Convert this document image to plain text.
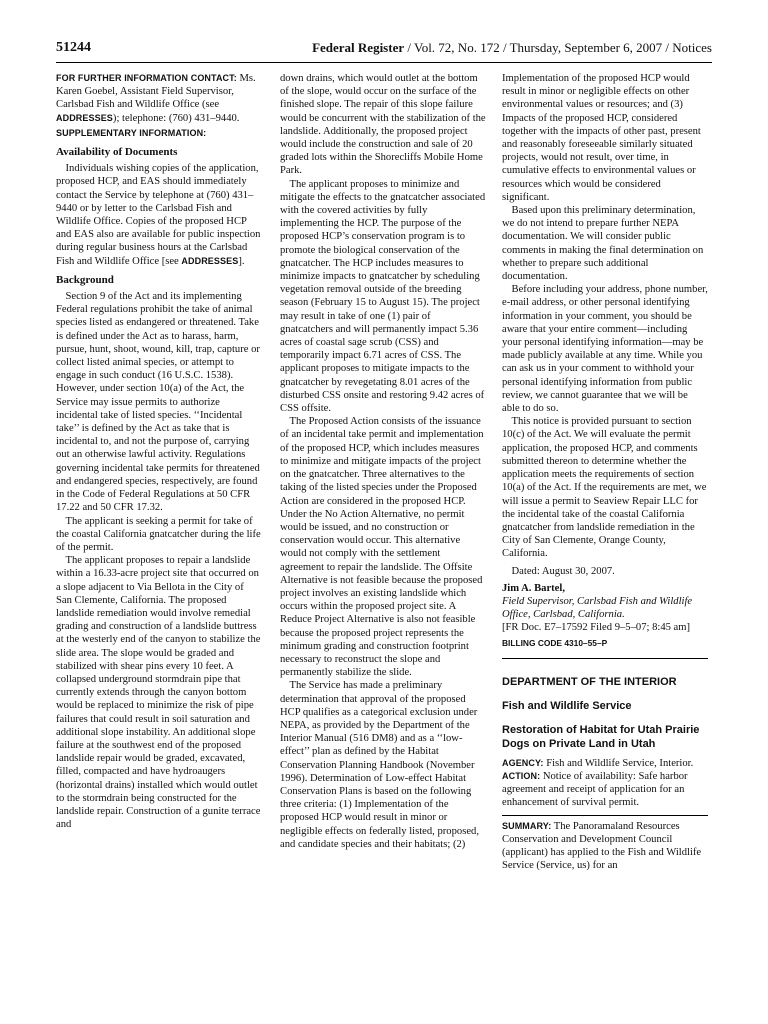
51244	Federal Register / Vol. 72, No. 172 / Thursday, September 6, 2007 / Notices

FOR FURTHER INFORMATION CONTACT: Ms. Karen Goebel, Assistant Field Supervisor, Carlsbad Fish and Wildlife Office (see ADDRESSES); telephone: (760) 431–9440.

SUPPLEMENTARY INFORMATION:

Availability of Documents

Individuals wishing copies of the application, proposed HCP, and EAS should immediately contact the Service by telephone at (760) 431–9440 or by letter to the Carlsbad Fish and Wildlife Office. Copies of the proposed HCP and EAS also are available for public inspection during regular business hours at the Carlsbad Fish and Wildlife Office [see ADDRESSES].

Background

Section 9 of the Act and its implementing Federal regulations prohibit the take of animal species listed as endangered or threatened. Take is defined under the Act as to harass, harm, pursue, hunt, shoot, wound, kill, trap, capture or collect listed animal species, or attempt to engage in such conduct (16 U.S.C. 1538). However, under section 10(a) of the Act, the Service may issue permits to authorize incidental take of listed species. ‘‘Incidental take’’ is defined by the Act as take that is incidental to, and not the purpose of, carrying out an otherwise lawful activity. Regulations governing incidental take permits for threatened and endangered species, respectively, are found in the Code of Federal Regulations at 50 CFR 17.22 and 50 CFR 17.32.

The applicant is seeking a permit for take of the coastal California gnatcatcher during the life of the permit.

The applicant proposes to repair a landslide within a 16.33-acre project site that occurred on a slope adjacent to Via Bellota in the City of San Clemente, California. The proposed landslide remediation would involve remedial grading and construction of a landslide buttress at the westerly end of the canyon to stabilize the slide area. The slope would be graded and stabilized with shear pins every 10 feet. A collapsed underground stormdrain pipe that currently extends through the canyon bottom would be replaced to minimize the risk of pipe failures that could result in soil saturation and additional slope instability. An additional slope failure at the southwest end of the proposed landslide repair would be graded, excavated, filled, compacted and have hydroaugers (horizontal drains) installed which would outlet to the stormdrain being constructed for the landslide repair. Construction of a gunite terrace and

down drains, which would outlet at the bottom of the slope, would occur on the surface of the finished slope. The repair of this slope failure would be concurrent with the stabilization of the landslide. Additionally, the proposed project would include the construction and sale of 20 graded lots within the Shorecliffs Mobile Home Park.

The applicant proposes to minimize and mitigate the effects to the gnatcatcher associated with the covered activities by fully implementing the HCP. The purpose of the proposed HCP’s conservation program is to promote the biological conservation of the gnatcatcher. The HCP includes measures to minimize impacts to gnatcatcher by scheduling vegetation removal outside of the breeding season (February 15 to August 15). The project may result in take of one (1) pair of gnatcatchers and will permanently impact 5.36 acres of coastal sage scrub (CSS) and temporarily impact 6.71 acres of CSS. The applicant proposes to mitigate impacts to the gnatcatcher by revegetating 8.01 acres of the disturbed CSS onsite and restoring 9.42 acres of CSS offsite.

The Proposed Action consists of the issuance of an incidental take permit and implementation of the proposed HCP, which includes measures to minimize and mitigate impacts of the project on the gnatcatcher. Three alternatives to the taking of the listed species under the Proposed Action are considered in the proposed HCP. Under the No Action Alternative, no permit would be issued, and no construction or conservation would occur. This alternative would not comply with the settlement agreement to repair the landslide. The Offsite Alternative is not feasible because the proposed project involves an existing landslide which occurs within the proposed project site. A Reduce Project Alternative is also not feasible because the proposed project represents the minimum grading and construction footprint necessary to reconstruct the slope and permanently stabilize the slide.

The Service has made a preliminary determination that approval of the proposed HCP qualifies as a categorical exclusion under NEPA, as provided by the Department of the Interior Manual (516 DM8) and as a ‘‘low-effect’’ plan as defined by the Habitat Conservation Planning Handbook (November 1996). Determination of Low-effect Habitat Conservation Plans is based on the following three criteria: (1) Implementation of the proposed HCP would result in minor or negligible effects on federally listed, proposed, and candidate species and their habitats; (2)

Implementation of the proposed HCP would result in minor or negligible effects on other environmental values or resources; and (3) Impacts of the proposed HCP, considered together with the impacts of other past, present and reasonably foreseeable similarly situated projects, would not result, over time, in cumulative effects to environmental values or resources which would be considered significant.

Based upon this preliminary determination, we do not intend to prepare further NEPA documentation. We will consider public comments in making the final determination on whether to prepare such additional documentation.

Before including your address, phone number, e-mail address, or other personal identifying information in your comment, you should be aware that your entire comment—including your personal identifying information—may be made publicly available at any time. While you can ask us in your comment to withhold your personal identifying information from public review, we cannot guarantee that we will be able to do so.

This notice is provided pursuant to section 10(c) of the Act. We will evaluate the permit application, the proposed HCP, and comments submitted thereon to determine whether the application meets the requirements of section 10(a) of the Act. If the requirements are met, we will issue a permit to Seaview Repair LLC for the incidental take of the coastal California gnatcatcher from landslide remediation in the City of San Clemente, Orange County, California.

Dated: August 30, 2007.

Jim A. Bartel,

Field Supervisor, Carlsbad Fish and Wildlife Office, Carlsbad, California.

[FR Doc. E7–17592 Filed 9–5–07; 8:45 am]

BILLING CODE 4310–55–P

DEPARTMENT OF THE INTERIOR
Fish and Wildlife Service
Restoration of Habitat for Utah Prairie Dogs on Private Land in Utah

AGENCY: Fish and Wildlife Service, Interior.

ACTION: Notice of availability: Safe harbor agreement and receipt of application for an enhancement of survival permit.

SUMMARY: The Panoramaland Resources Conservation and Development Council (applicant) has applied to the Fish and Wildlife Service (Service, us) for an
